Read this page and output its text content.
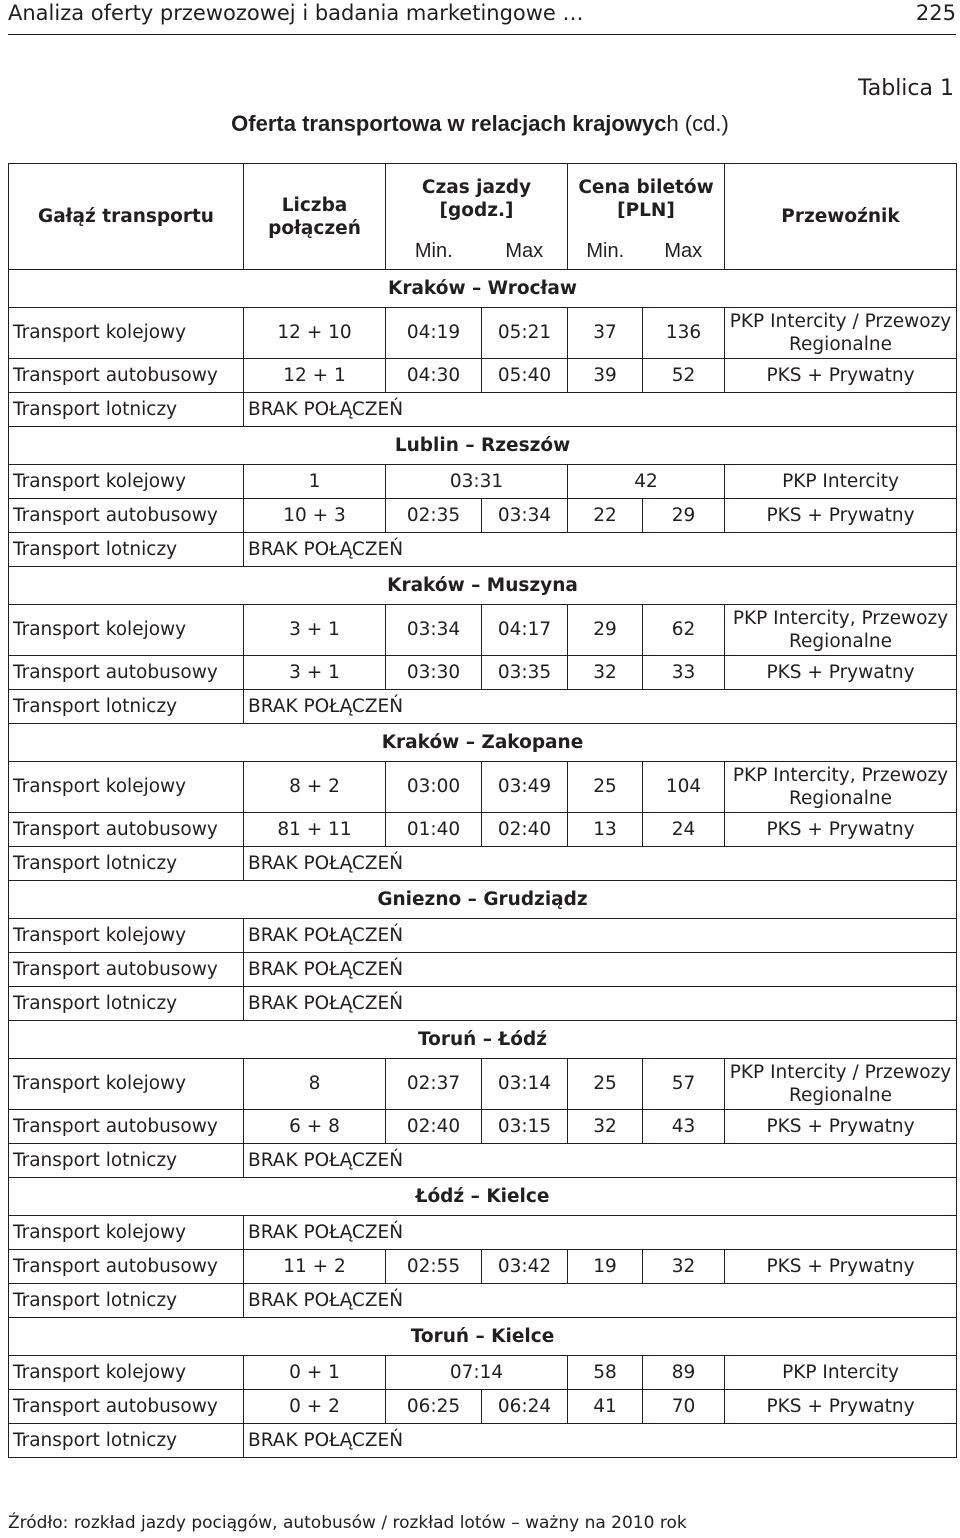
Analiza oferty przewozowej i badania marketingowe …	225
Tablica 1
Oferta transportowa w relacjach krajowych (cd.)
Gałąź transportu	Liczba połączeń	Czas jazdy [godz.]		Cena biletów [PLN]		Przewoźnik
		Min.	Max	Min.	Max	
Kraków – Wrocław						
Transport kolejowy	12 + 10	04:19	05:21	37	136	PKP Intercity / Przewozy Regionalne
Transport autobusowy	12 + 1	04:30	05:40	39	52	PKS + Prywatny
Transport lotniczy	BRAK POŁĄCZEŃ					
Lublin – Rzeszów						
Transport kolejowy	1	03:31		42		PKP Intercity
Transport autobusowy	10 + 3	02:35	03:34	22	29	PKS + Prywatny
Transport lotniczy	BRAK POŁĄCZEŃ					
Kraków – Muszyna						
Transport kolejowy	3 + 1	03:34	04:17	29	62	PKP Intercity, Przewozy Regionalne
Transport autobusowy	3 + 1	03:30	03:35	32	33	PKS + Prywatny
Transport lotniczy	BRAK POŁĄCZEŃ					
Kraków – Zakopane						
Transport kolejowy	8 + 2	03:00	03:49	25	104	PKP Intercity, Przewozy Regionalne
Transport autobusowy	81 + 11	01:40	02:40	13	24	PKS + Prywatny
Transport lotniczy	BRAK POŁĄCZEŃ					
Gniezno – Grudziądz						
Transport kolejowy	BRAK POŁĄCZEŃ					
Transport autobusowy	BRAK POŁĄCZEŃ					
Transport lotniczy	BRAK POŁĄCZEŃ					
Toruń – Łódź						
Transport kolejowy	8	02:37	03:14	25	57	PKP Intercity / Przewozy Regionalne
Transport autobusowy	6 + 8	02:40	03:15	32	43	PKS + Prywatny
Transport lotniczy	BRAK POŁĄCZEŃ					
Łódź – Kielce						
Transport kolejowy	BRAK POŁĄCZEŃ					
Transport autobusowy	11 + 2	02:55	03:42	19	32	PKS + Prywatny
Transport lotniczy	BRAK POŁĄCZEŃ					
Toruń – Kielce						
Transport kolejowy	0 + 1	07:14		58	89	PKP Intercity
Transport autobusowy	0 + 2	06:25	06:24	41	70	PKS + Prywatny
Transport lotniczy	BRAK POŁĄCZEŃ					
Źródło: rozkład jazdy pociągów, autobusów / rozkład lotów – ważny na 2010 rok
